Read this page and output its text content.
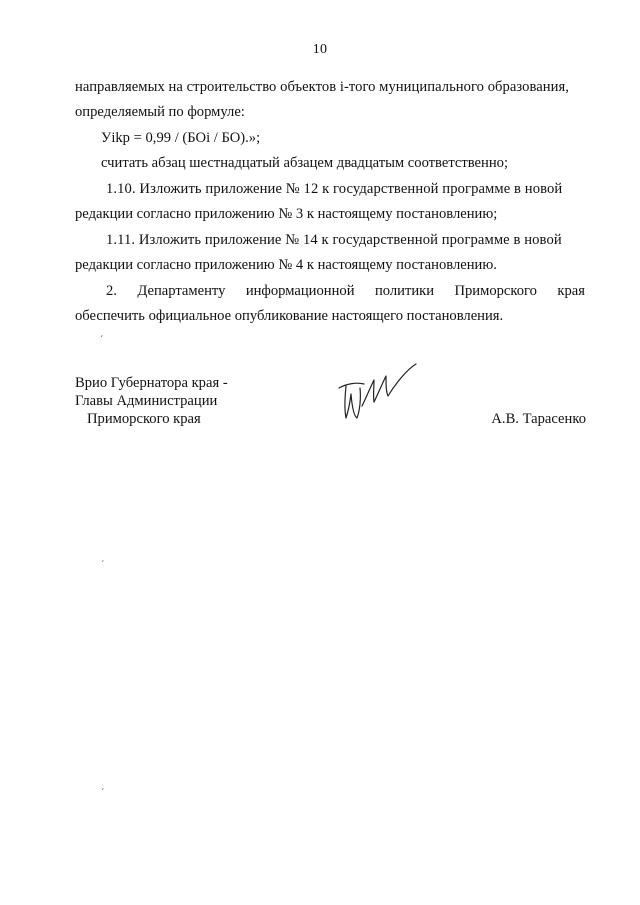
10
направляемых на строительство объектов i-того муниципального образования,
определяемый по формуле:
Уikр = 0,99 / (БОi / БО).»;
считать абзац шестнадцатый абзацем двадцатым соответственно;
1.10. Изложить приложение № 12 к государственной программе в новой
редакции согласно приложению № 3 к настоящему постановлению;
1.11. Изложить приложение № 14 к государственной программе в новой
редакции согласно приложению № 4 к настоящему постановлению.
2. Департаменту информационной политики Приморского края
обеспечить официальное опубликование настоящего постановления.
ˊ
Врио Губернатора края -
Главы Администрации
Приморского края	А.В. Тарасенко
ˊ
ˊ
